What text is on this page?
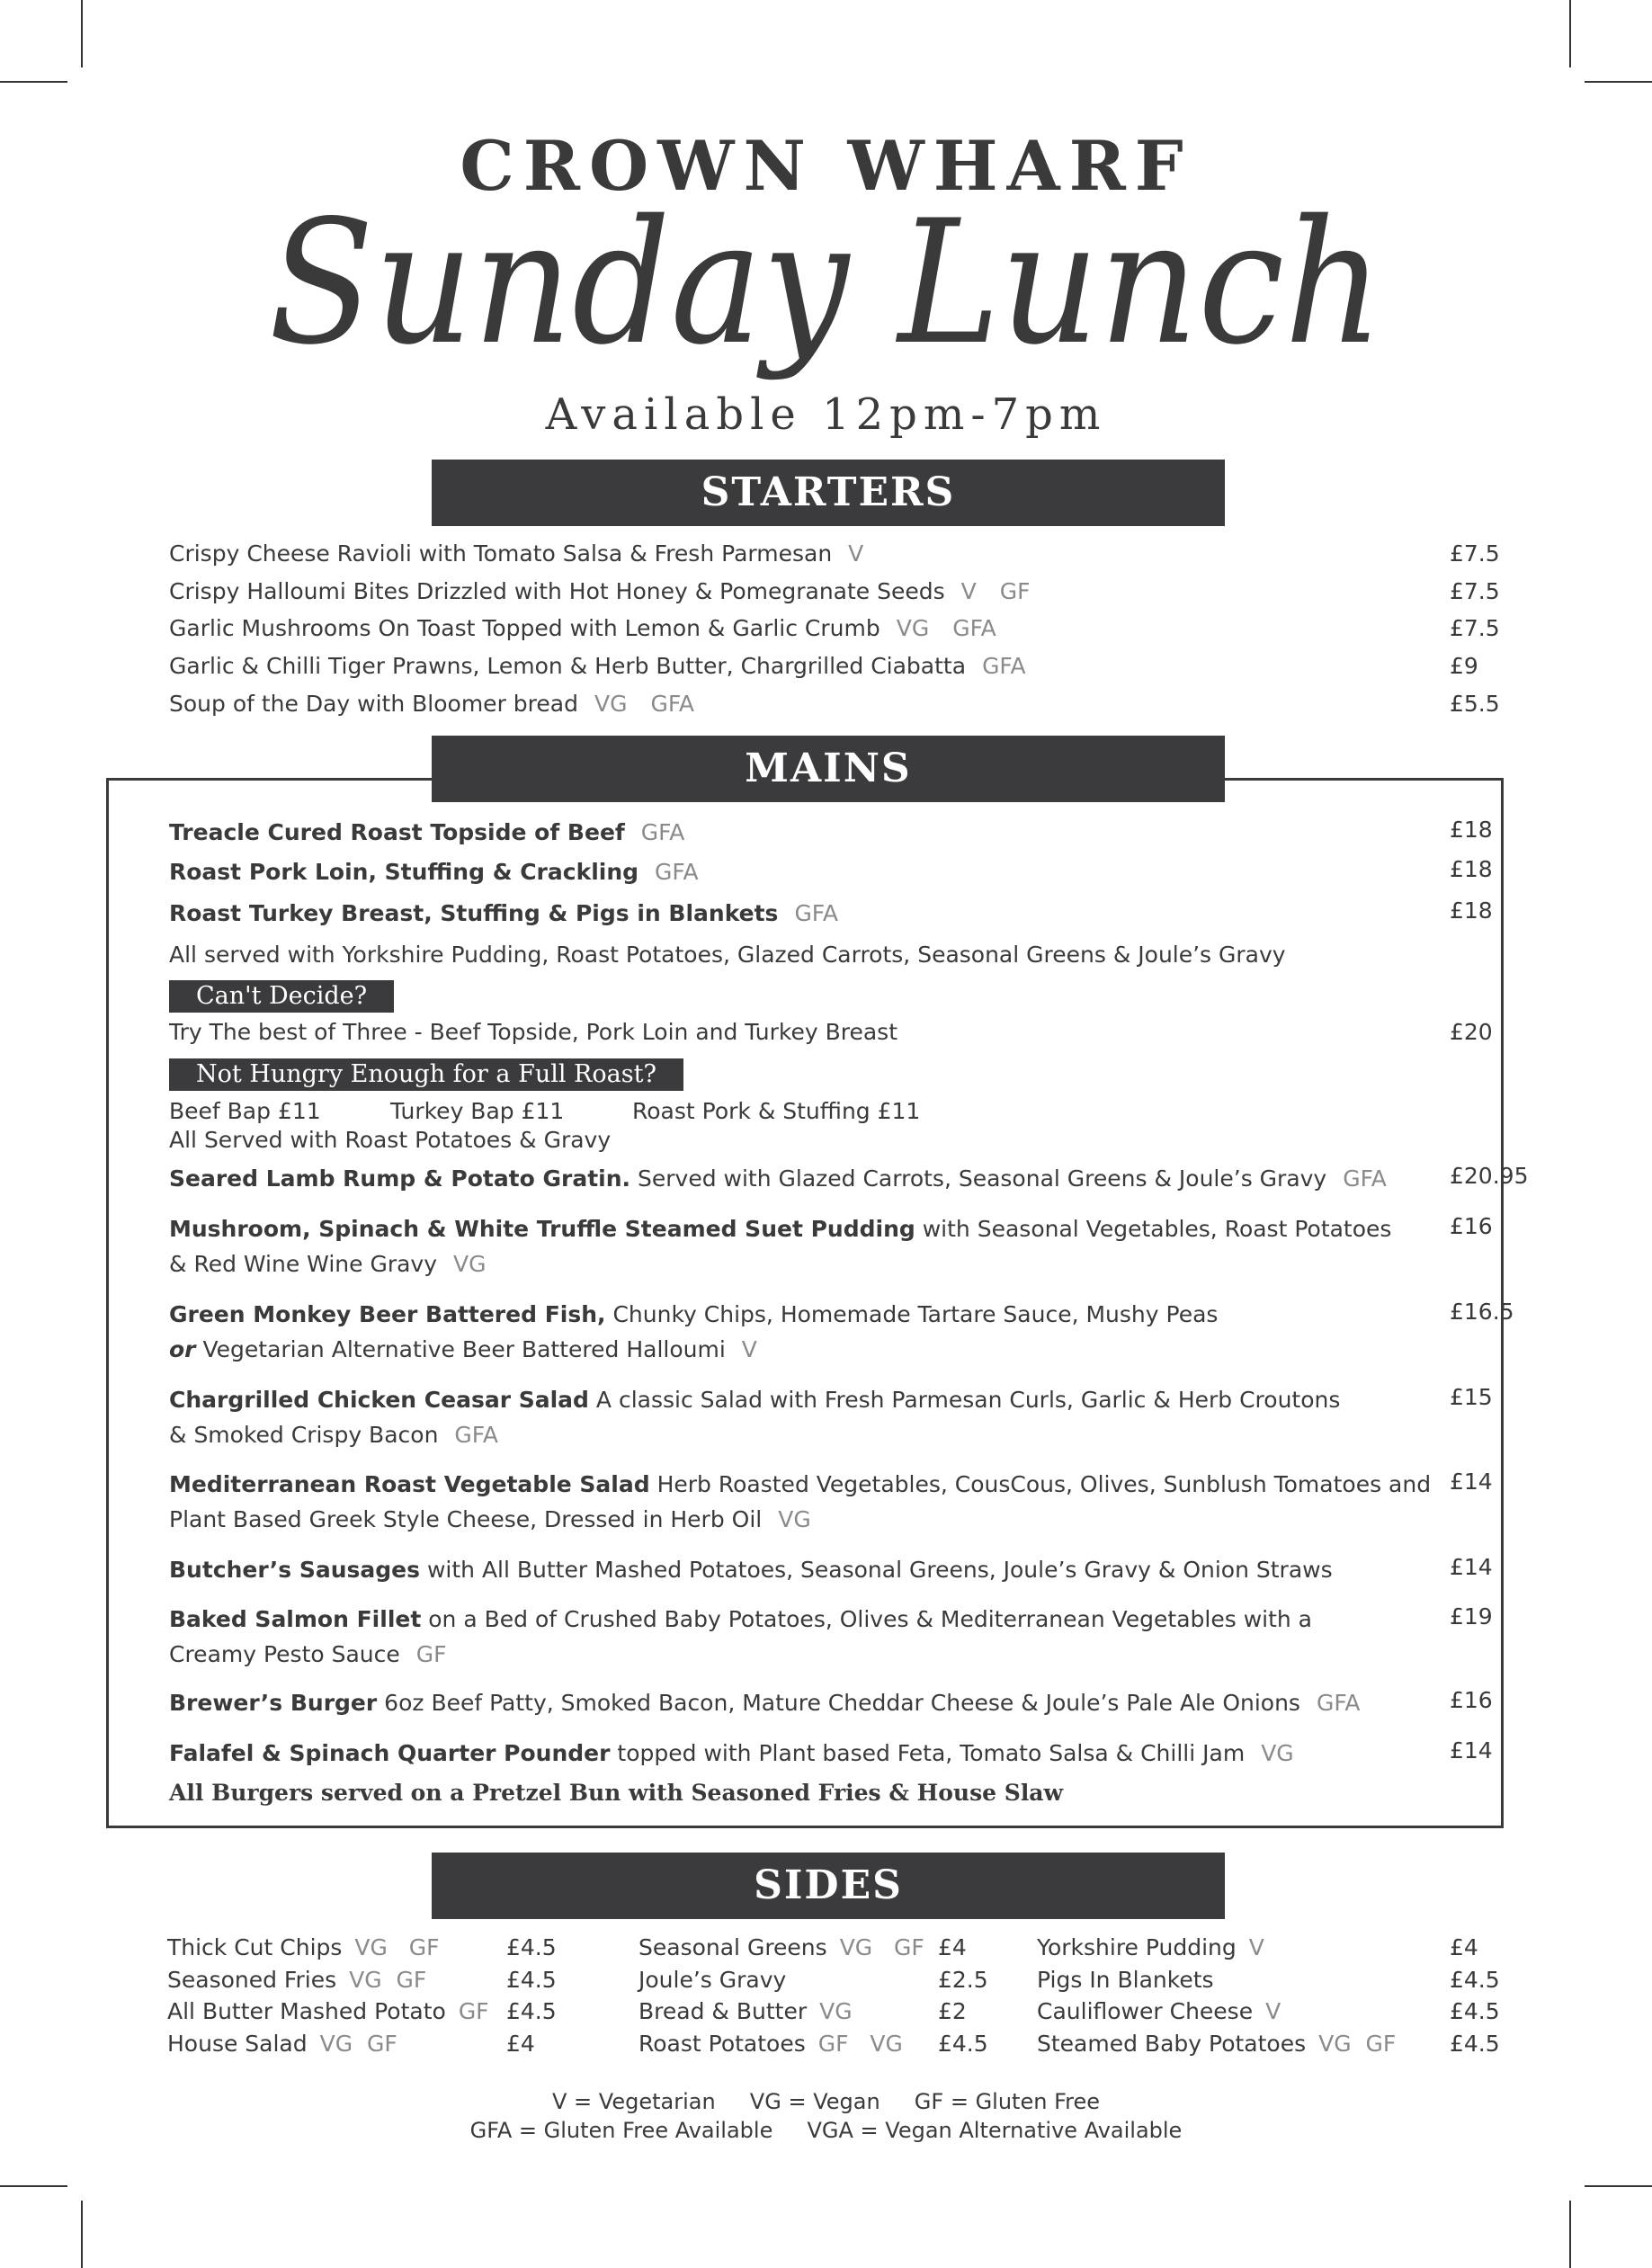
CROWN WHARF
Sunday Lunch
Available 12pm-7pm
STARTERS
Crispy Cheese Ravioli with Tomato Salsa & Fresh Parmesan V	£7.5
Crispy Halloumi Bites Drizzled with Hot Honey & Pomegranate Seeds V GF	£7.5
Garlic Mushrooms On Toast Topped with Lemon & Garlic Crumb VG GFA	£7.5
Garlic & Chilli Tiger Prawns, Lemon & Herb Butter, Chargrilled Ciabatta GFA	£9
Soup of the Day with Bloomer bread VG GFA	£5.5
MAINS
Treacle Cured Roast Topside of Beef GFA	£18
Roast Pork Loin, Stuffing & Crackling GFA	£18
Roast Turkey Breast, Stuffing & Pigs in Blankets GFA	£18
All served with Yorkshire Pudding, Roast Potatoes, Glazed Carrots, Seasonal Greens & Joule’s Gravy
Can't Decide?
Try The best of Three - Beef Topside, Pork Loin and Turkey Breast	£20
Not Hungry Enough for a Full Roast?
Beef Bap £11	Turkey Bap £11	Roast Pork & Stuffing £11
All Served with Roast Potatoes & Gravy
Seared Lamb Rump & Potato Gratin. Served with Glazed Carrots, Seasonal Greens & Joule’s Gravy GFA	£20.95
Mushroom, Spinach & White Truffle Steamed Suet Pudding with Seasonal Vegetables, Roast Potatoes
& Red Wine Wine Gravy VG
£16
Green Monkey Beer Battered Fish, Chunky Chips, Homemade Tartare Sauce, Mushy Peas
or Vegetarian Alternative Beer Battered Halloumi V
£16.5
Chargrilled Chicken Ceasar Salad A classic Salad with Fresh Parmesan Curls, Garlic & Herb Croutons
& Smoked Crispy Bacon GFA
£15
Mediterranean Roast Vegetable Salad Herb Roasted Vegetables, CousCous, Olives, Sunblush Tomatoes and
Plant Based Greek Style Cheese, Dressed in Herb Oil VG
£14
Butcher’s Sausages with All Butter Mashed Potatoes, Seasonal Greens, Joule’s Gravy & Onion Straws	£14
Baked Salmon Fillet on a Bed of Crushed Baby Potatoes, Olives & Mediterranean Vegetables with a
Creamy Pesto Sauce GF
£19
Brewer’s Burger 6oz Beef Patty, Smoked Bacon, Mature Cheddar Cheese & Joule’s Pale Ale Onions GFA	£16
Falafel & Spinach Quarter Pounder topped with Plant based Feta, Tomato Salsa & Chilli Jam VG	£14
All Burgers served on a Pretzel Bun with Seasoned Fries & House Slaw
SIDES
Thick Cut Chips VG   GF	£4.5
Seasoned Fries VG  GF	£4.5
All Butter Mashed Potato GF £4.5
House Salad VG  GF	£4
Seasonal Greens VG   GF £4
Joule’s Gravy	£2.5
Bread & Butter VG	£2
Roast Potatoes GF   VG £4.5
Yorkshire Pudding V	£4
Pigs In Blankets	£4.5
Cauliflower Cheese V	£4.5
Steamed Baby Potatoes VG  GF £4.5
V = Vegetarian     VG = Vegan     GF = Gluten Free
GFA = Gluten Free Available     VGA = Vegan Alternative Available
